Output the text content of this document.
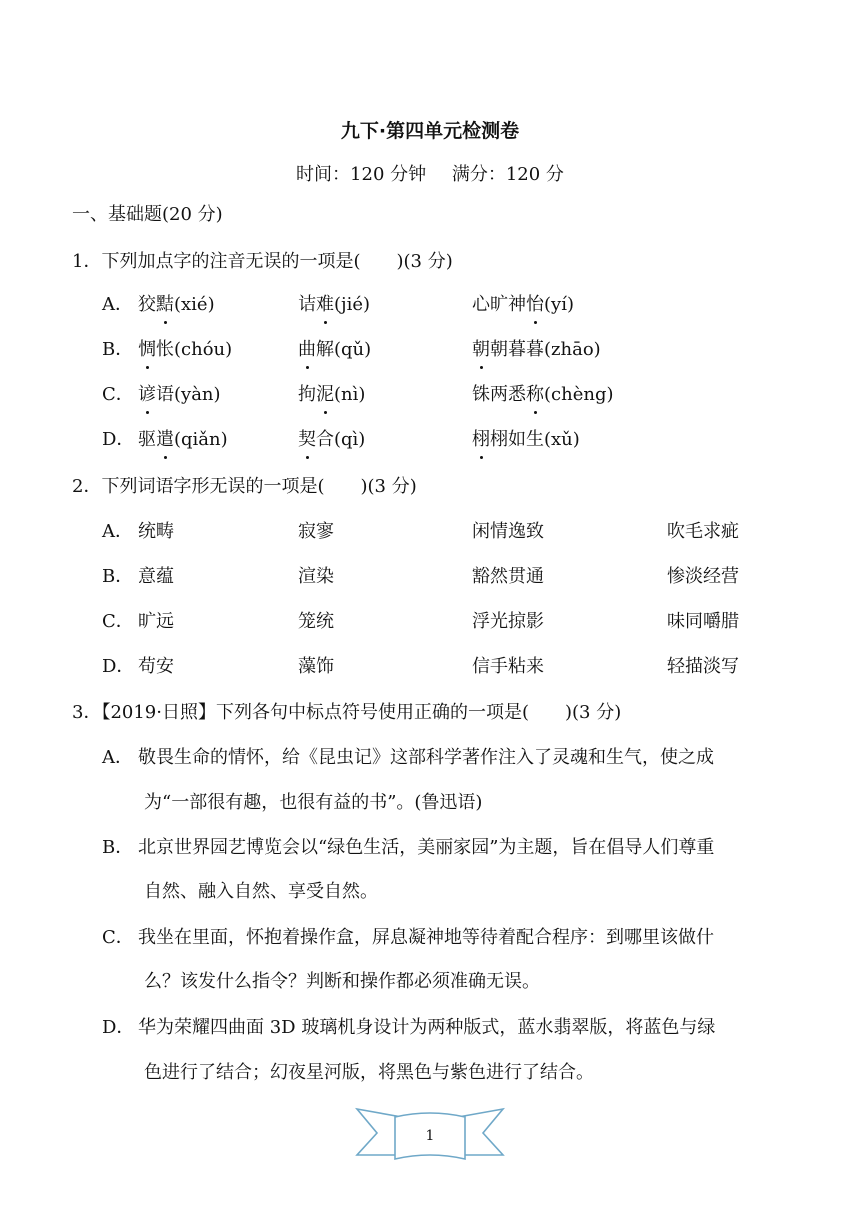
九下·第四单元检测卷
时间：120 分钟 满分：120 分
一、基础题(20 分)
1．下列加点字的注音无误的一项是(　　)(3 分)
A． 狡黠(xié)	诘难(jié)	心旷神怡(yí)
B． 惆怅(chóu)	曲解(qǔ)	朝朝暮暮(zhāo)
C． 谚语(yàn)	拘泥(nì)	铢两悉称(chèng)
D． 驱遣(qiǎn)	契合(qì)	栩栩如生(xǔ)
2．下列词语字形无误的一项是(　　)(3 分)
A． 统畴	寂寥	闲情逸致	吹毛求疵
B． 意蕴	渲染	豁然贯通	惨淡经营
C． 旷远	笼统	浮光掠影	味同嚼腊
D． 苟安	藻饰	信手粘来	轻描淡写
3．【2019·日照】下列各句中标点符号使用正确的一项是(　　)(3 分)
A． 敬畏生命的情怀，给《昆虫记》这部科学著作注入了灵魂和生气，使之成
为“一部很有趣，也很有益的书”。(鲁迅语)
B． 北京世界园艺博览会以“绿色生活，美丽家园”为主题，旨在倡导人们尊重
自然、融入自然、享受自然。
C． 我坐在里面，怀抱着操作盒，屏息凝神地等待着配合程序：到哪里该做什
么？该发什么指令？判断和操作都必须准确无误。
D． 华为荣耀四曲面 3D 玻璃机身设计为两种版式，蓝水翡翠版，将蓝色与绿
色进行了结合；幻夜星河版，将黑色与紫色进行了结合。
1
